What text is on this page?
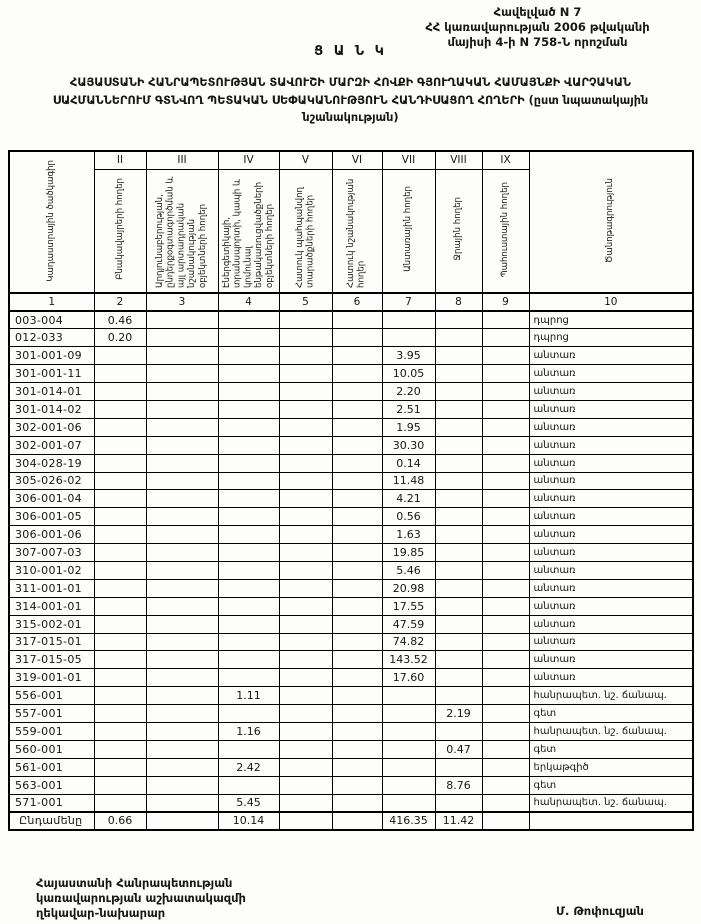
Հավելված N 7
ՀՀ կառավարության 2006 թվականի
մայիսի 4-ի N 758-Ն որոշման
Ց Ա Ն Կ
ՀԱՅԱՍՏԱՆԻ ՀԱՆՐԱՊԵՏՈՒԹՅԱՆ ՏԱՎՈՒՇԻ ՄԱՐԶԻ ՀՈՎՔԻ ԳՅՈՒՂԱԿԱՆ ՀԱՄԱՅՆՔԻ ՎԱՐՉԱԿԱՆ ՍԱՀՄԱՆՆԵՐՈՒՄ ԳՏՆՎՈՂ ՊԵՏԱԿԱՆ ՍԵՓԱԿԱՆՈՒԹՅՈՒՆ ՀԱՆԴԻՍԱՑՈՂ ՀՈՂԵՐԻ (ըստ նպատակային նշանակության)
Կադաստրային ծածկագիր	II	III	IV	V	VI	VII	VIII	IX	Ծանոթագրություն
	Բնակավայրերի հողեր	Արդյունաբերության, ընդերքօգտագործման և այլ արտադրական նշանակության օբյեկտների հողեր	Էներգետիկայի, տրանսպորտի, կապի և կոմունալ ենթակառուցվածքների օբյեկտների հողեր	Հատուկ պահպանվող տարածքների հողեր	Հատուկ նշանակության հողեր	Անտառային հողեր	Ջրային հողեր	Պահուստային հողեր	
1	2	3	4	5	6	7	8	9	10
003-004	0.46								դպրոց
012-033	0.20								դպրոց
301-001-09						3.95			անտառ
301-001-11						10.05			անտառ
301-014-01						2.20			անտառ
301-014-02						2.51			անտառ
302-001-06						1.95			անտառ
302-001-07						30.30			անտառ
304-028-19						0.14			անտառ
305-026-02						11.48			անտառ
306-001-04						4.21			անտառ
306-001-05						0.56			անտառ
306-001-06						1.63			անտառ
307-007-03						19.85			անտառ
310-001-02						5.46			անտառ
311-001-01						20.98			անտառ
314-001-01						17.55			անտառ
315-002-01						47.59			անտառ
317-015-01						74.82			անտառ
317-015-05						143.52			անտառ
319-001-01						17.60			անտառ
556-001			1.11						հանրապետ. նշ. ճանապ.
557-001							2.19		գետ
559-001			1.16						հանրապետ. նշ. ճանապ.
560-001							0.47		գետ
561-001			2.42						երկաթգիծ
563-001							8.76		գետ
571-001			5.45						հանրապետ. նշ. ճանապ.
Ընդամենը	0.66		10.14			416.35	11.42		
Հայաստանի Հանրապետության
կառավարության աշխատակազմի
ղեկավար-նախարար	Մ. Թոփուզյան
